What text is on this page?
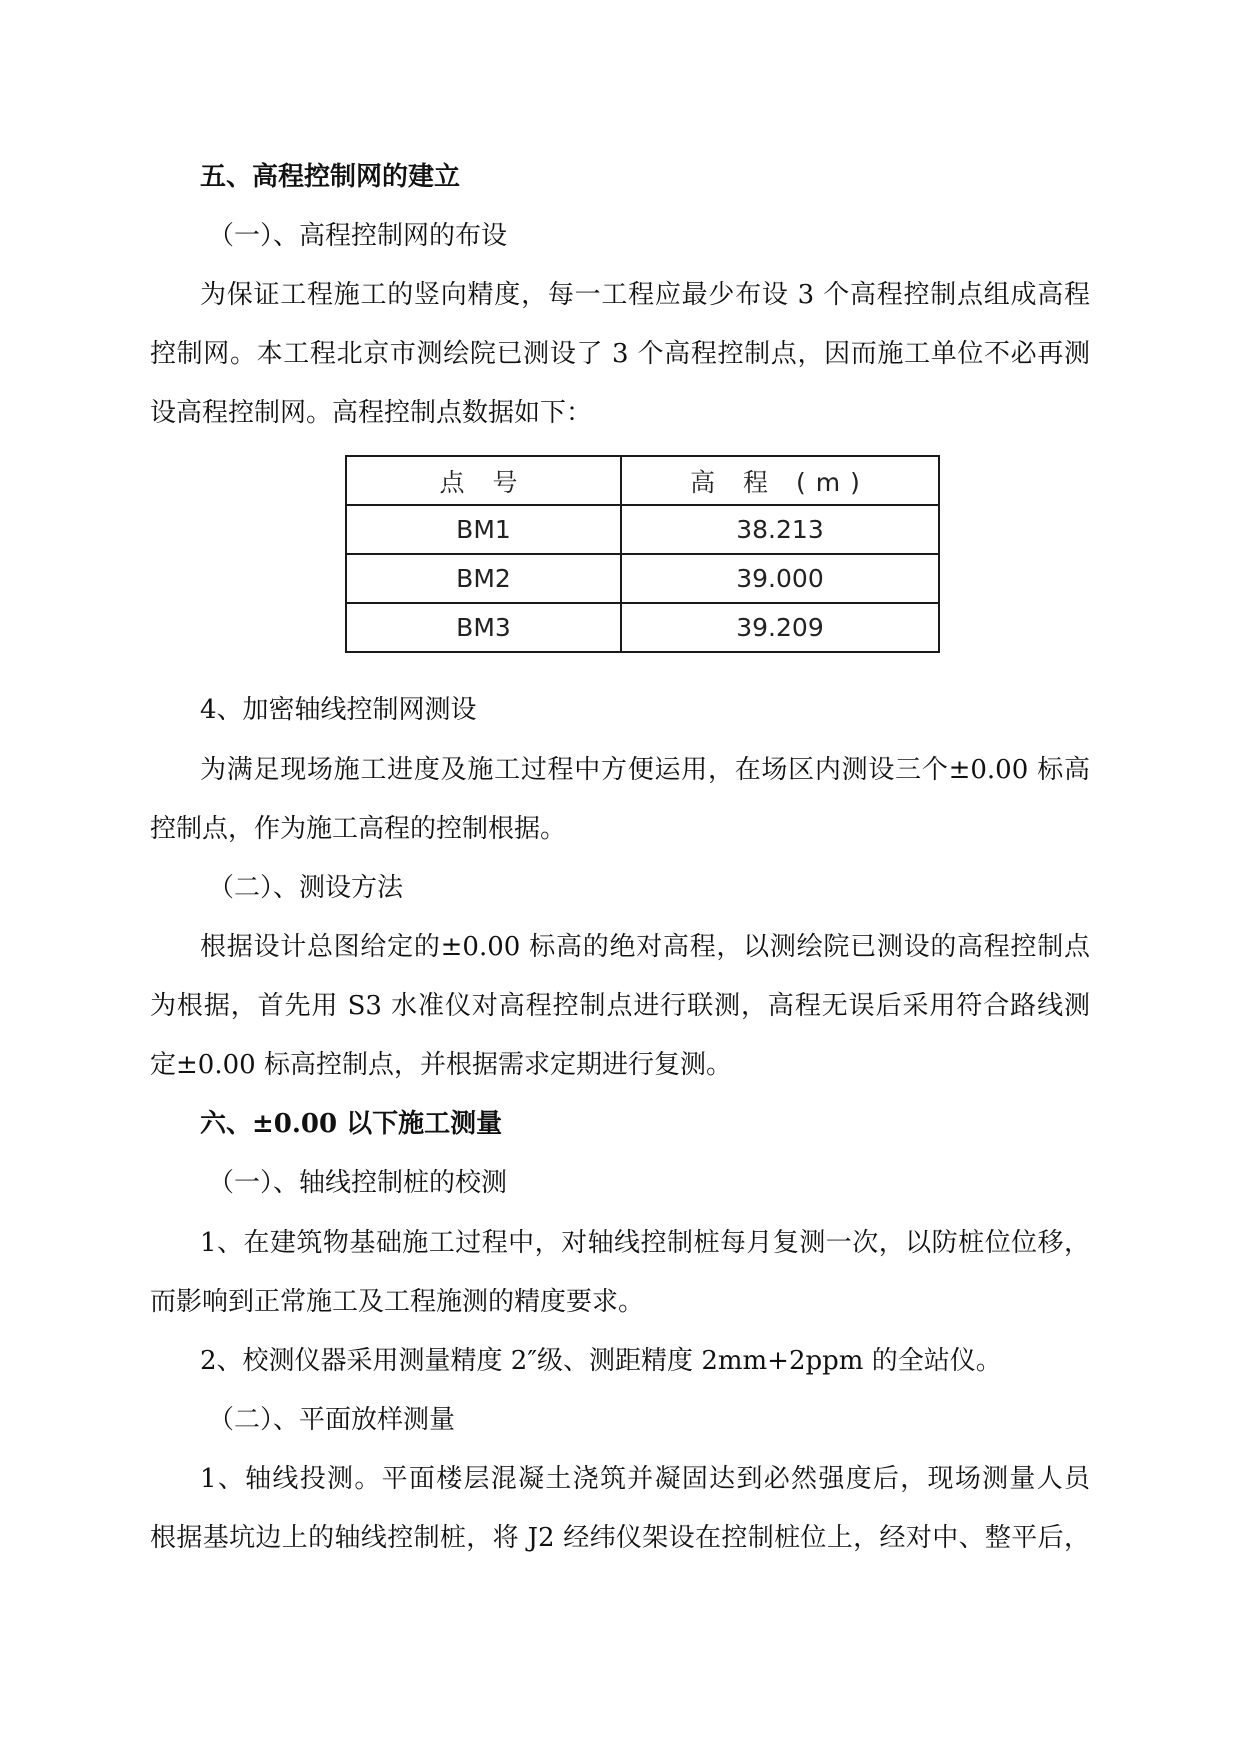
五、高程控制网的建立

（一）、高程控制网的布设

为保证工程施工的竖向精度，每一工程应最少布设 3 个高程控制点组成高程

控制网。本工程北京市测绘院已测设了 3 个高程控制点，因而施工单位不必再测

设高程控制网。高程控制点数据如下：

点 号	高 程 (m)
BM1	38.213
BM2	39.000
BM3	39.209

4、加密轴线控制网测设

为满足现场施工进度及施工过程中方便运用，在场区内测设三个±0.00 标高

控制点，作为施工高程的控制根据。

（二）、测设方法

根据设计总图给定的±0.00 标高的绝对高程，以测绘院已测设的高程控制点

为根据，首先用 S3 水准仪对高程控制点进行联测，高程无误后采用符合路线测

定±0.00 标高控制点，并根据需求定期进行复测。

六、±0.00 以下施工测量

（一）、轴线控制桩的校测

1、在建筑物基础施工过程中，对轴线控制桩每月复测一次，以防桩位位移，

而影响到正常施工及工程施测的精度要求。

2、校测仪器采用测量精度 2″级、测距精度 2mm+2ppm 的全站仪。

（二）、平面放样测量

1、轴线投测。平面楼层混凝土浇筑并凝固达到必然强度后，现场测量人员

根据基坑边上的轴线控制桩，将 J2 经纬仪架设在控制桩位上，经对中、整平后，
